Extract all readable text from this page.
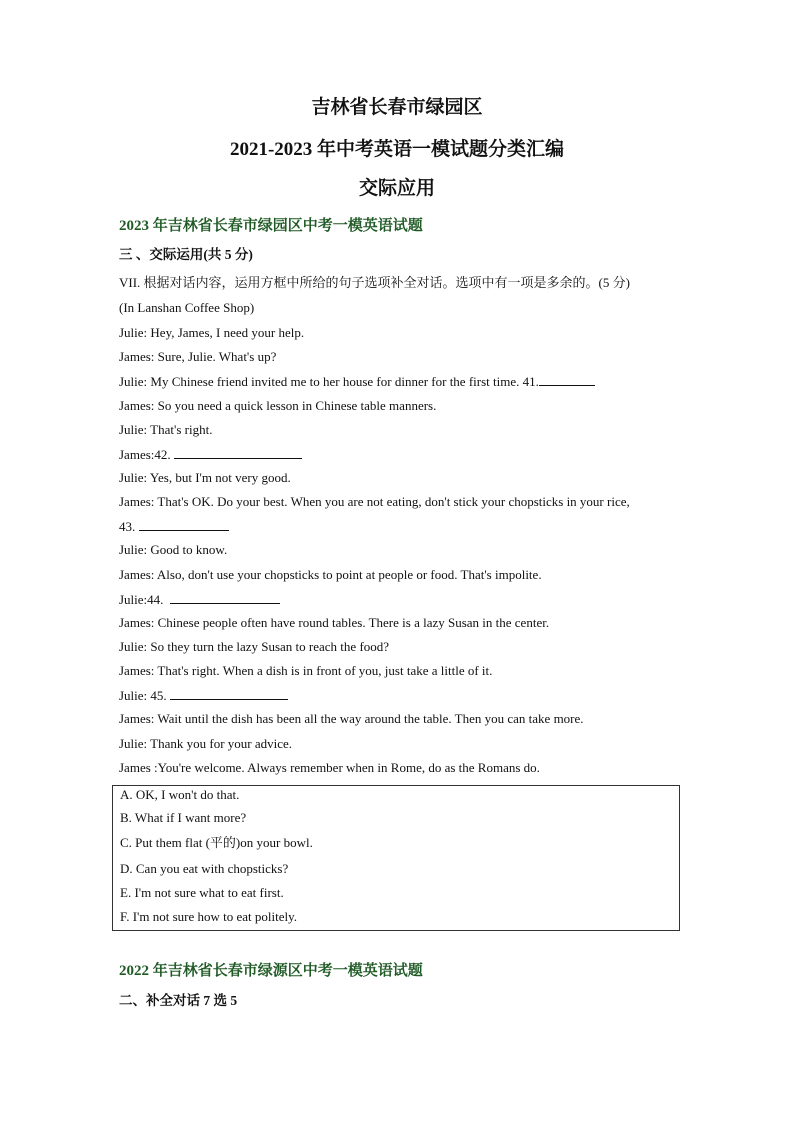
吉林省长春市绿园区
2021-2023 年中考英语一模试题分类汇编
交际应用
2023 年吉林省长春市绿园区中考一模英语试题
三 、交际运用(共 5 分)
VII. 根据对话内容，运用方框中所给的句子选项补全对话。选项中有一项是多余的。(5 分)
(In Lanshan Coffee Shop)
Julie: Hey, James, I need your help.
James: Sure, Julie. What's up?
Julie: My Chinese friend invited me to her house for dinner for the first time. 41.
James: So you need a quick lesson in Chinese table manners.
Julie: That's right.
James:42.
Julie: Yes, but I'm not very good.
James: That's OK. Do your best. When you are not eating, don't stick your chopsticks in your rice,
43.
Julie: Good to know.
James: Also, don't use your chopsticks to point at people or food. That's impolite.
Julie:44.
James: Chinese people often have round tables. There is a lazy Susan in the center.
Julie: So they turn the lazy Susan to reach the food?
James: That's right. When a dish is in front of you, just take a little of it.
Julie: 45.
James: Wait until the dish has been all the way around the table. Then you can take more.
Julie: Thank you for your advice.
James :You're welcome. Always remember when in Rome, do as the Romans do.
A. OK, I won't do that.
B. What if I want more?
C. Put them flat (平的)on your bowl.
D. Can you eat with chopsticks?
E. I'm not sure what to eat first.
F. I'm not sure how to eat politely.
2022 年吉林省长春市绿源区中考一模英语试题
二、补全对话 7 选 5
